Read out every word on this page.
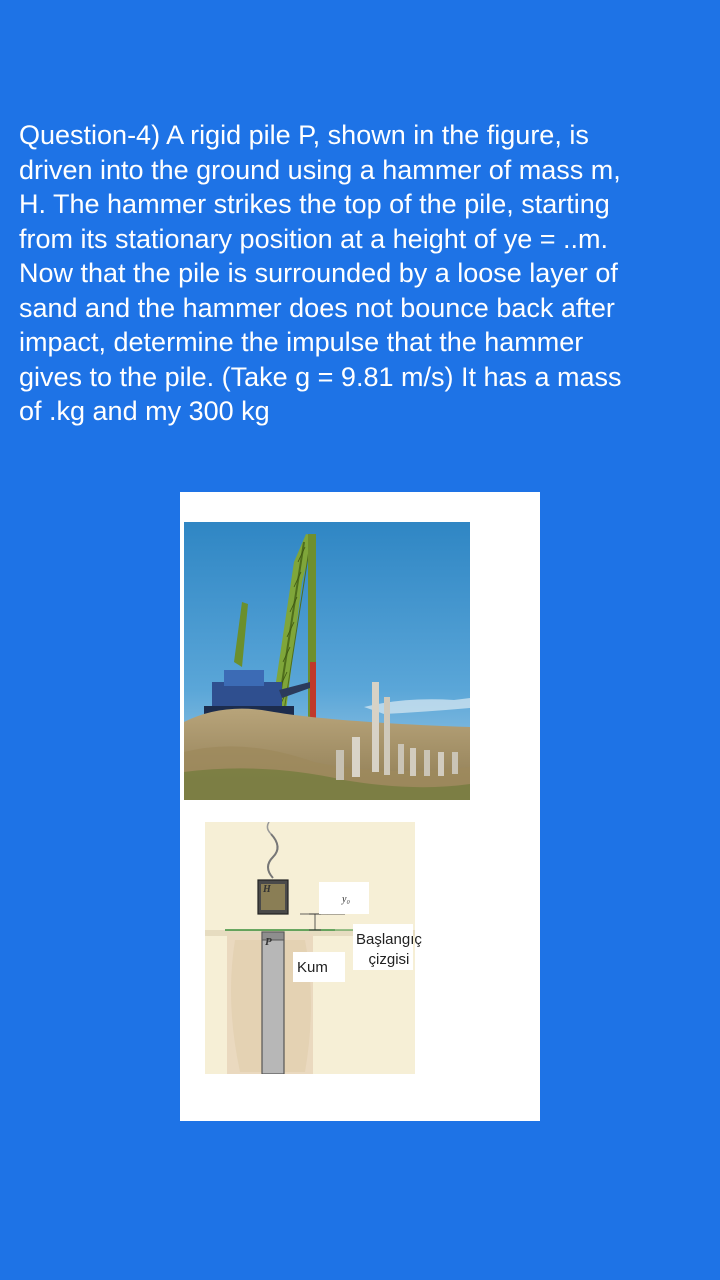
Question-4) A rigid pile P, shown in the figure, is
driven into the ground using a hammer of mass m,
H. The hammer strikes the top of the pile, starting
from its stationary position at a height of ye = ..m.
Now that the pile is surrounded by a loose layer of
sand and the hammer does not bounce back after
impact, determine the impulse that the hammer
gives to the pile. (Take g = 9.81 m/s) It has a mass
of .kg and my 300 kg
H
P
y₀
Kum
Başlangıç
çizgisi
